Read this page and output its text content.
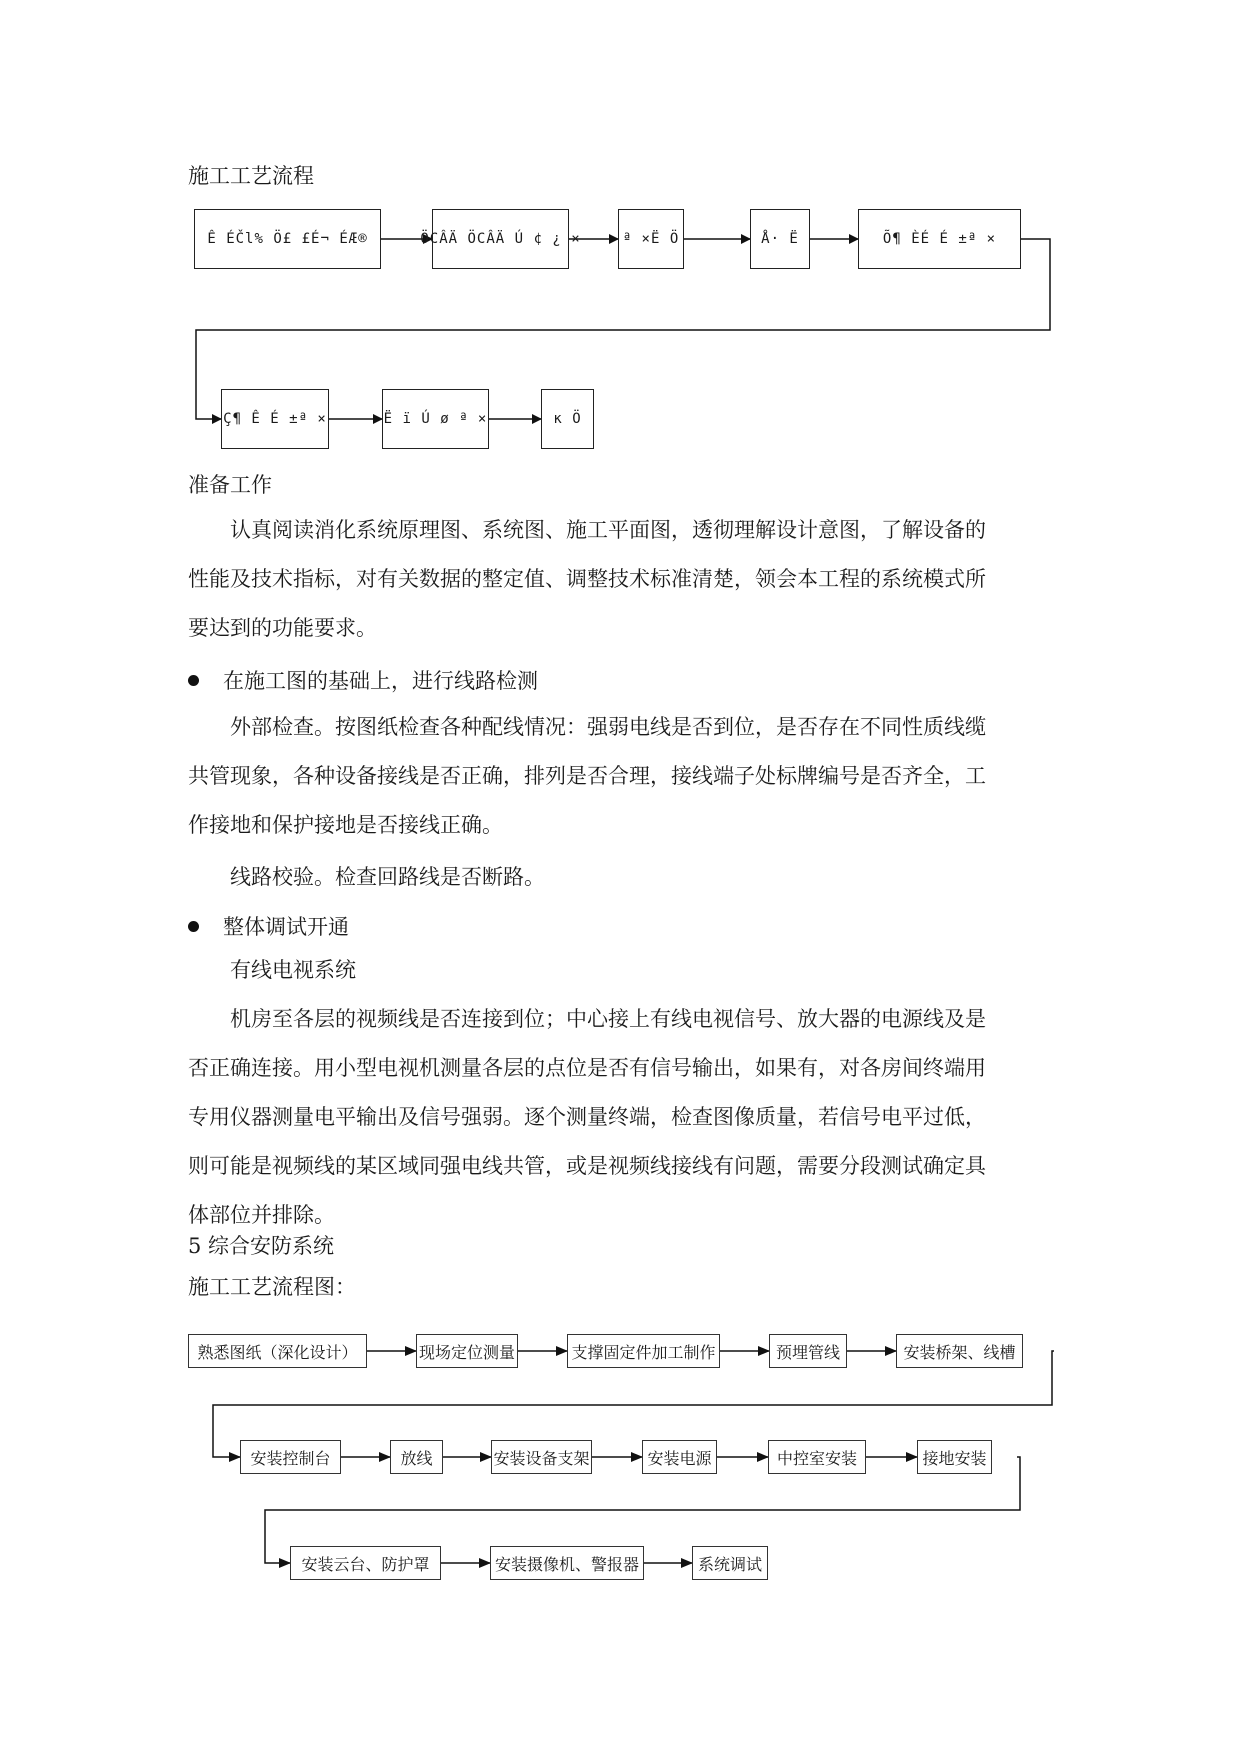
施工工艺流程
Ê ÉČl% Ö£ £É¬ ÉÆ®	ÖCÂÄ ÖCÂÄ Ú ¢ ¿ ×	ª ×Ë Ö	Å· Ë	Õ¶ ÈÉ É ±ª ×
Ç¶ Ê É ±ª ×	Ë ï Ú ø ª ×	ĸ Ö
准备工作
认真阅读消化系统原理图、系统图、施工平面图，透彻理解设计意图，了解设备的
性能及技术指标，对有关数据的整定值、调整技术标准清楚，领会本工程的系统模式所
要达到的功能要求。
在施工图的基础上，进行线路检测
外部检查。按图纸检查各种配线情况：强弱电线是否到位，是否存在不同性质线缆
共管现象，各种设备接线是否正确，排列是否合理，接线端子处标牌编号是否齐全，工
作接地和保护接地是否接线正确。
线路校验。检查回路线是否断路。
整体调试开通
有线电视系统
机房至各层的视频线是否连接到位；中心接上有线电视信号、放大器的电源线及是
否正确连接。用小型电视机测量各层的点位是否有信号输出，如果有，对各房间终端用
专用仪器测量电平输出及信号强弱。逐个测量终端，检查图像质量，若信号电平过低，
则可能是视频线的某区域同强电线共管，或是视频线接线有问题，需要分段测试确定具
体部位并排除。
5 综合安防系统
施工工艺流程图：
熟悉图纸（深化设计）	现场定位测量	支撑固定件加工制作	预埋管线	安装桥架、线槽
安装控制台	放线	安装设备支架	安装电源	中控室安装	接地安装
安装云台、防护罩	安装摄像机、警报器	系统调试
